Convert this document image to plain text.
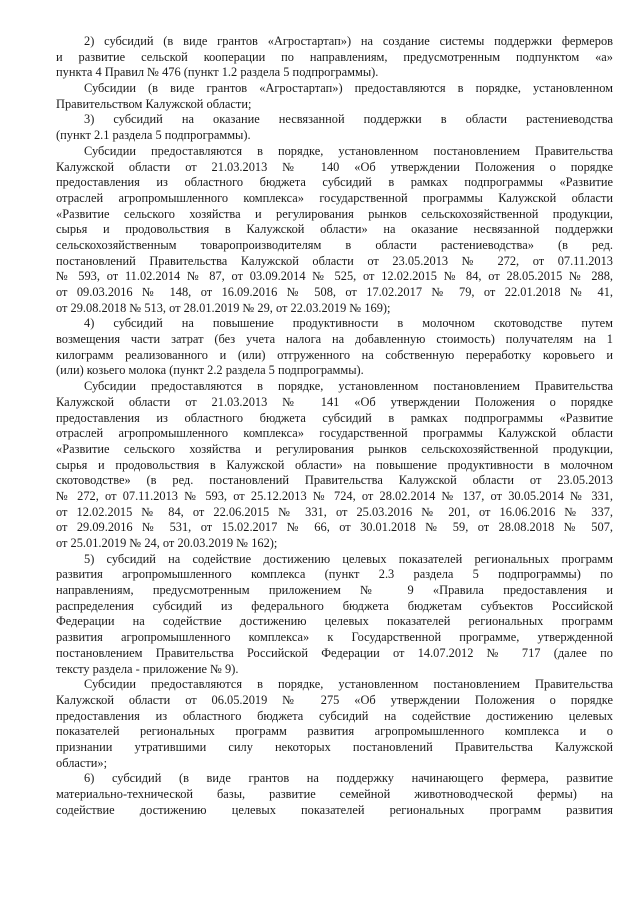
2) субсидий (в виде грантов «Агростартап») на создание системы поддержки фермеров
и развитие сельской кооперации по направлениям, предусмотренным подпунктом «а»
пункта 4 Правил № 476 (пункт 1.2 раздела 5 подпрограммы).
Субсидии (в виде грантов «Агростартап») предоставляются в порядке, установленном
Правительством Калужской области;
3) субсидий на оказание несвязанной поддержки в области растениеводства
(пункт 2.1 раздела 5 подпрограммы).
Субсидии предоставляются в порядке, установленном постановлением Правительства
Калужской области от 21.03.2013 № 140 «Об утверждении Положения о порядке
предоставления из областного бюджета субсидий в рамках подпрограммы «Развитие
отраслей агропромышленного комплекса» государственной программы Калужской области
«Развитие сельского хозяйства и регулирования рынков сельскохозяйственной продукции,
сырья и продовольствия в Калужской области» на оказание несвязанной поддержки
сельскохозяйственным товаропроизводителям в области растениеводства» (в ред.
постановлений Правительства Калужской области от 23.05.2013 № 272, от 07.11.2013
№ 593, от 11.02.2014 № 87, от 03.09.2014 № 525, от 12.02.2015 № 84, от 28.05.2015 № 288,
от 09.03.2016 № 148, от 16.09.2016 № 508, от 17.02.2017 № 79, от 22.01.2018 № 41,
от 29.08.2018 № 513, от 28.01.2019 № 29, от 22.03.2019 № 169);
4) субсидий на повышение продуктивности в молочном скотоводстве путем
возмещения части затрат (без учета налога на добавленную стоимость) получателям на 1
килограмм реализованного и (или) отгруженного на собственную переработку коровьего и
(или) козьего молока (пункт 2.2 раздела 5 подпрограммы).
Субсидии предоставляются в порядке, установленном постановлением Правительства
Калужской области от 21.03.2013 № 141 «Об утверждении Положения о порядке
предоставления из областного бюджета субсидий в рамках подпрограммы «Развитие
отраслей агропромышленного комплекса» государственной программы Калужской области
«Развитие сельского хозяйства и регулирования рынков сельскохозяйственной продукции,
сырья и продовольствия в Калужской области» на повышение продуктивности в молочном
скотоводстве» (в ред. постановлений Правительства Калужской области от 23.05.2013
№ 272, от 07.11.2013 № 593, от 25.12.2013 № 724, от 28.02.2014 № 137, от 30.05.2014 № 331,
от 12.02.2015 № 84, от 22.06.2015 № 331, от 25.03.2016 № 201, от 16.06.2016 № 337,
от 29.09.2016 № 531, от 15.02.2017 № 66, от 30.01.2018 № 59, от 28.08.2018 № 507,
от 25.01.2019 № 24, от 20.03.2019 № 162);
5) субсидий на содействие достижению целевых показателей региональных программ
развития агропромышленного комплекса (пункт 2.3 раздела 5 подпрограммы) по
направлениям, предусмотренным приложением № 9 «Правила предоставления и
распределения субсидий из федерального бюджета бюджетам субъектов Российской
Федерации на содействие достижению целевых показателей региональных программ
развития агропромышленного комплекса» к Государственной программе, утвержденной
постановлением Правительства Российской Федерации от 14.07.2012 № 717 (далее по
тексту раздела - приложение № 9).
Субсидии предоставляются в порядке, установленном постановлением Правительства
Калужской области от 06.05.2019 № 275 «Об утверждении Положения о порядке
предоставления из областного бюджета субсидий на содействие достижению целевых
показателей региональных программ развития агропромышленного комплекса и о
признании утратившими силу некоторых постановлений Правительства Калужской
области»;
6) субсидий (в виде грантов на поддержку начинающего фермера, развитие
материально-технической базы, развитие семейной животноводческой фермы) на
содействие достижению целевых показателей региональных программ развития
